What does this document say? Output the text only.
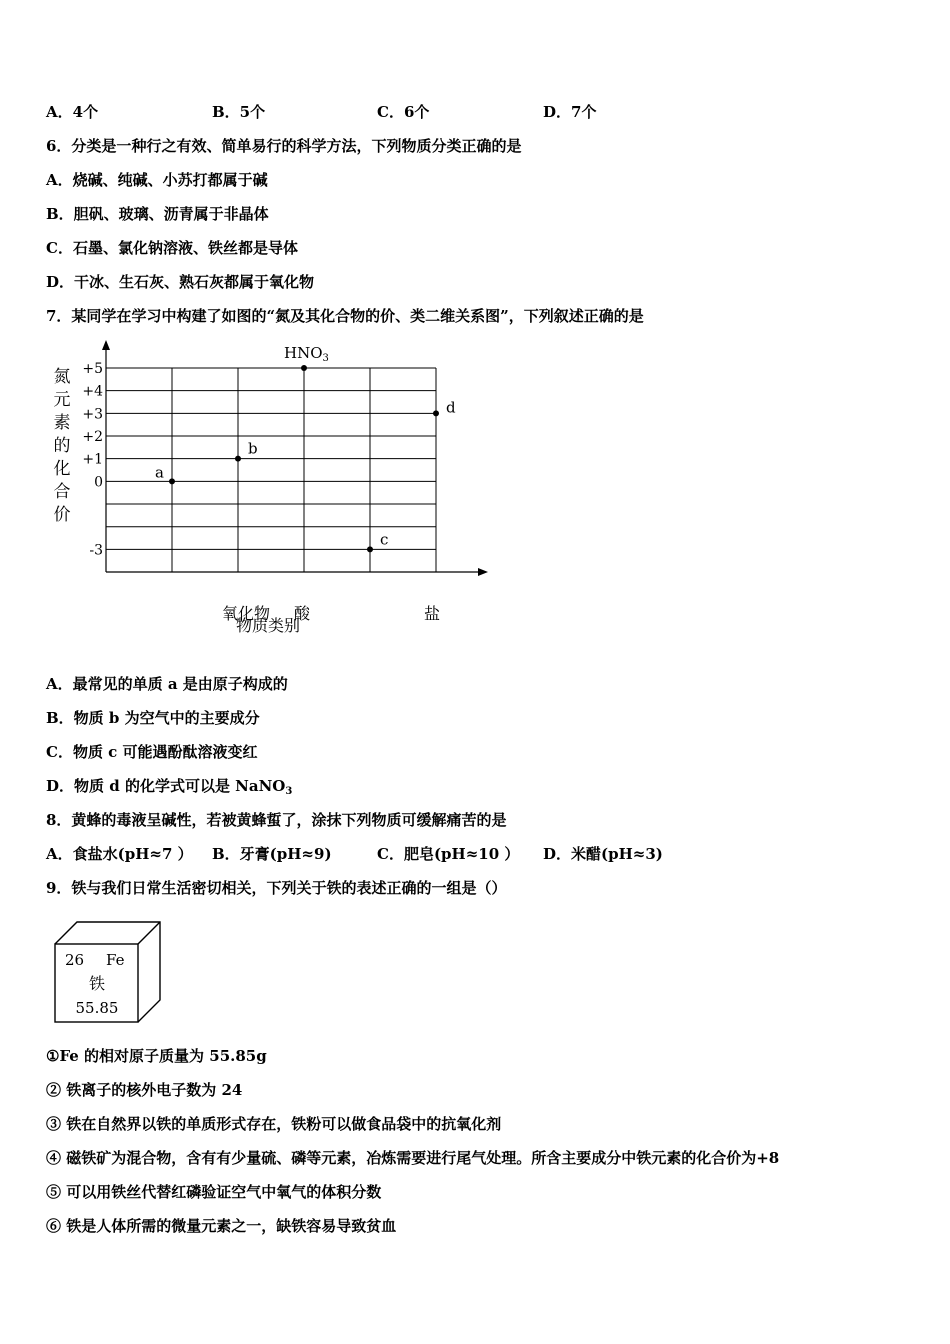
A．4个	B．5个	C．6个	D．7个
6．分类是一种行之有效、简单易行的科学方法，下列物质分类正确的是
A．烧碱、纯碱、小苏打都属于碱
B．胆矾、玻璃、沥青属于非晶体
C．石墨、氯化钠溶液、铁丝都是导体
D．干冰、生石灰、熟石灰都属于氧化物
7．某同学在学习中构建了如图的“氮及其化合物的价、类二维关系图”，下列叙述正确的是
氮
元
素
的
化
合
价
+5
+4
+3
+2
+1
0
-3
氧化物 酸	盐
物质类别
a
b
$HNO_3$
c
d
A．最常见的单质 a 是由原子构成的
B．物质 b 为空气中的主要成分
C．物质 c 可能遇酚酞溶液变红
D．物质 d 的化学式可以是 NaNO$_3$
8．黄蜂的毒液呈碱性，若被黄蜂蜇了，涂抹下列物质可缓解痛苦的是
A．食盐水(pH≈7 ） B．牙膏(pH≈9)	C．肥皂(pH≈10 ） D．米醋(pH≈3)
9．铁与我们日常生活密切相关，下列关于铁的表述正确的一组是（）
26 Fe
铁
55.85
①Fe 的相对原子质量为 55.85g
② 铁离子的核外电子数为 24
③ 铁在自然界以铁的单质形式存在，铁粉可以做食品袋中的抗氧化剂
④ 磁铁矿为混合物，含有有少量硫、磷等元素，冶炼需要进行尾气处理。所含主要成分中铁元素的化合价为+8
⑤ 可以用铁丝代替红磷验证空气中氧气的体积分数
⑥ 铁是人体所需的微量元素之一，缺铁容易导致贫血
